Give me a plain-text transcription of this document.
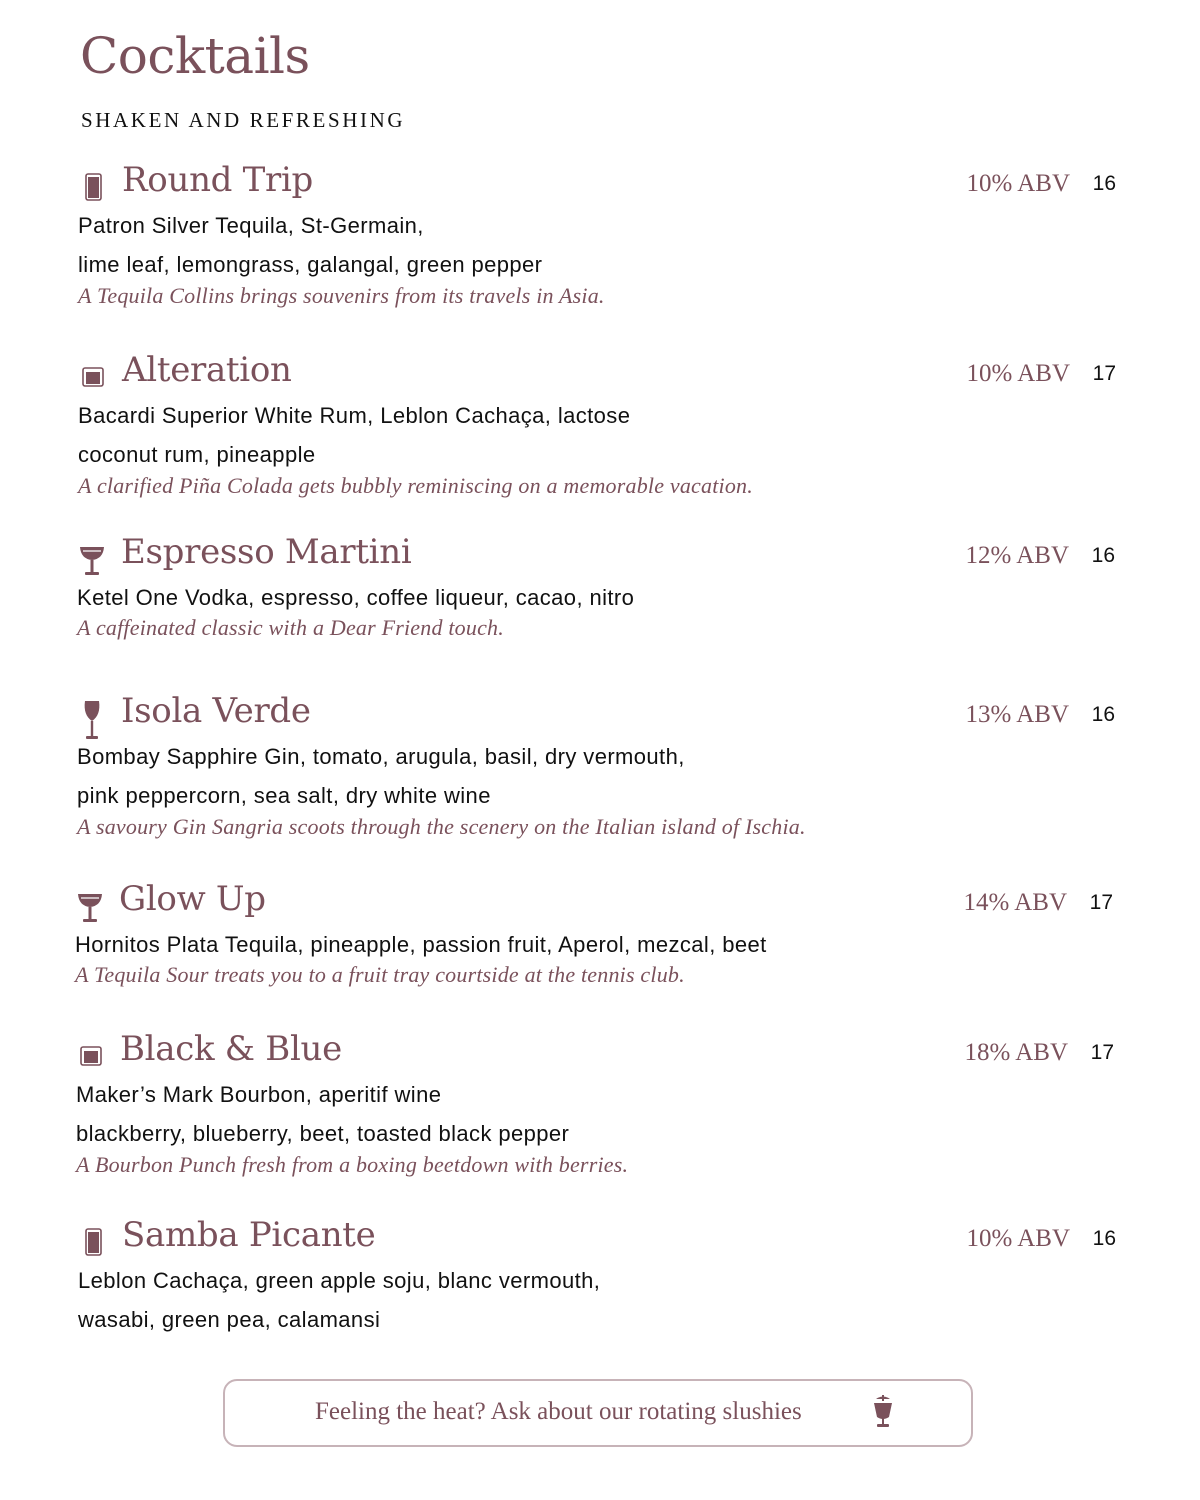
Cocktails
SHAKEN AND REFRESHING
Round Trip	10% ABV 16
Patron Silver Tequila, St-Germain,
lime leaf, lemongrass, galangal, green pepper
A Tequila Collins brings souvenirs from its travels in Asia.
Alteration	10% ABV 17
Bacardi Superior White Rum, Leblon Cachaça, lactose
coconut rum, pineapple
A clarified Piña Colada gets bubbly reminiscing on a memorable vacation.
Espresso Martini	12% ABV 16
Ketel One Vodka, espresso, coffee liqueur, cacao, nitro
A caffeinated classic with a Dear Friend touch.
Isola Verde	13% ABV 16
Bombay Sapphire Gin, tomato, arugula, basil, dry vermouth,
pink peppercorn, sea salt, dry white wine
A savoury Gin Sangria scoots through the scenery on the Italian island of Ischia.
Glow Up	14% ABV 17
Hornitos Plata Tequila, pineapple, passion fruit, Aperol, mezcal, beet
A Tequila Sour treats you to a fruit tray courtside at the tennis club.
Black & Blue	18% ABV 17
Maker’s Mark Bourbon, aperitif wine
blackberry, blueberry, beet, toasted black pepper
A Bourbon Punch fresh from a boxing beetdown with berries.
Samba Picante	10% ABV 16
Leblon Cachaça, green apple soju, blanc vermouth,
wasabi, green pea, calamansi
Feeling the heat? Ask about our rotating slushies
